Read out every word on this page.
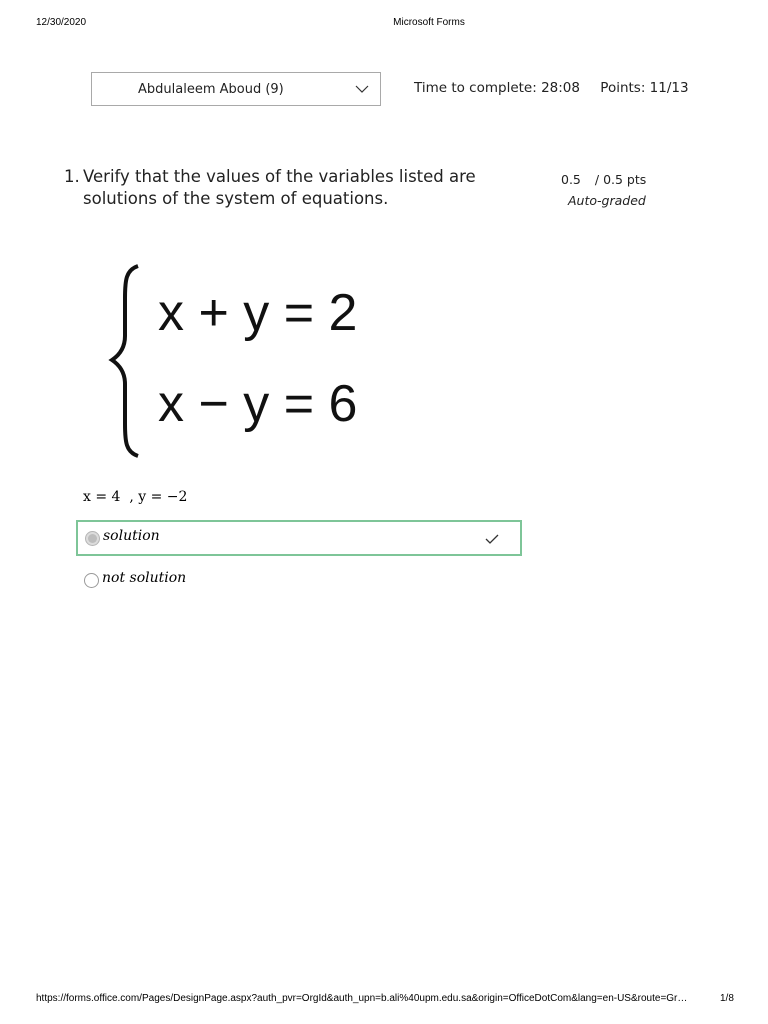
12/30/2020	Microsoft Forms
Abdulaleem Aboud (9)	Time to complete: 28:08 Points: 11/13
1. Verify that the values of the variables listed are solutions of the system of equations.
0.5 / 0.5 pts
Auto-graded
x + y = 2
x − y = 6
x = 4  , y = −2
solution
not solution
https://forms.office.com/Pages/DesignPage.aspx?auth_pvr=OrgId&auth_upn=b.ali%40upm.edu.sa&origin=OfficeDotCom&lang=en-US&route=Gr…	1/8
